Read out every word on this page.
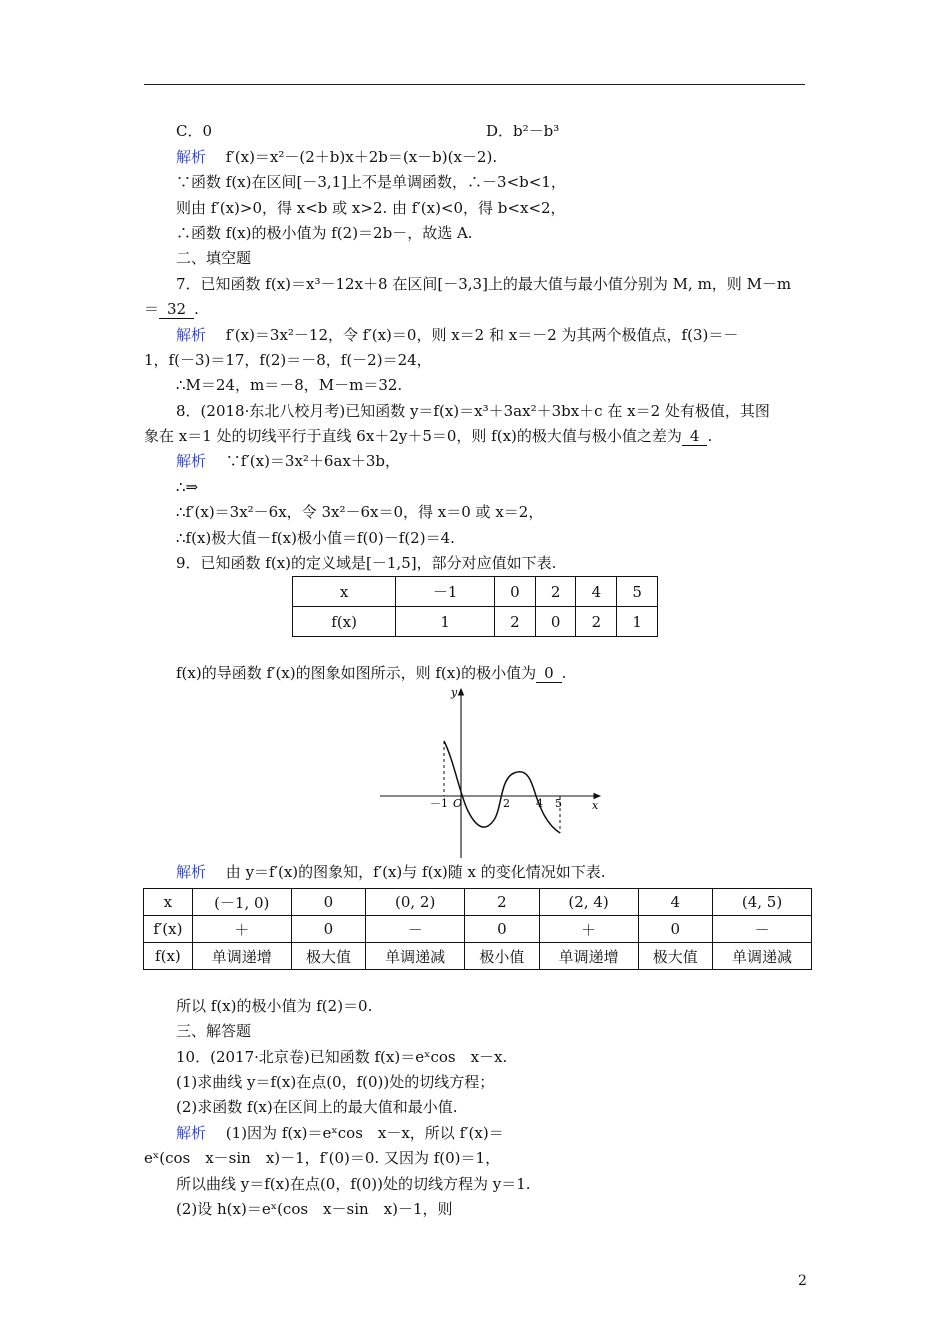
C．0	D．b²－b³
解析　 f′(x)＝x²－(2＋b)x＋2b＝(x－b)(x－2).
∵函数 f(x)在区间[－3,1]上不是单调函数，∴－3<b<1，
则由 f′(x)>0，得 x<b 或 x>2. 由 f′(x)<0，得 b<x<2，
∴函数 f(x)的极小值为 f(2)＝2b－，故选 A.
二、填空题
7．已知函数 f(x)＝x³－12x＋8 在区间[－3,3]上的最大值与最小值分别为 M, m，则 M－m
＝ 32 .
解析　 f′(x)＝3x²－12，令 f′(x)＝0，则 x＝2 和 x＝－2 为其两个极值点，f(3)＝－
1，f(－3)＝17，f(2)＝－8，f(－2)＝24，
∴M＝24，m＝－8，M－m＝32.
8．(2018·东北八校月考)已知函数 y＝f(x)＝x³＋3ax²＋3bx＋c 在 x＝2 处有极值，其图
象在 x＝1 处的切线平行于直线 6x＋2y＋5＝0，则 f(x)的极大值与极小值之差为 4 .
解析　 ∵f′(x)＝3x²＋6ax＋3b，
∴⇒
∴f′(x)＝3x²－6x，令 3x²－6x＝0，得 x＝0 或 x＝2，
∴f(x)极大值－f(x)极小值＝f(0)－f(2)＝4.
9．已知函数 f(x)的定义域是[－1,5]，部分对应值如下表.
x	－1	0	2	4	5
f(x)	1	2	0	2	1
f(x)的导函数 f′(x)的图象如图所示，则 f(x)的极小值为 0 .
y
x
O
－1	2 4 5
解析　 由 y＝f′(x)的图象知，f′(x)与 f(x)随 x 的变化情况如下表.
x	(－1, 0)	0	(0, 2)	2	(2, 4)	4	(4, 5)
f′(x)	＋	0	－	0	＋	0	－
f(x)	单调递增	极大值	单调递减	极小值	单调递增	极大值	单调递减
所以 f(x)的极小值为 f(2)＝0.
三、解答题
10．(2017·北京卷)已知函数 f(x)＝eˣcos　x－x.
(1)求曲线 y＝f(x)在点(0，f(0))处的切线方程；
(2)求函数 f(x)在区间上的最大值和最小值.
解析　 (1)因为 f(x)＝eˣcos　x－x，所以 f′(x)＝
eˣ(cos　x－sin　x)－1，f′(0)＝0. 又因为 f(0)＝1，
所以曲线 y＝f(x)在点(0，f(0))处的切线方程为 y＝1.
(2)设 h(x)＝eˣ(cos　x－sin　x)－1，则
2
